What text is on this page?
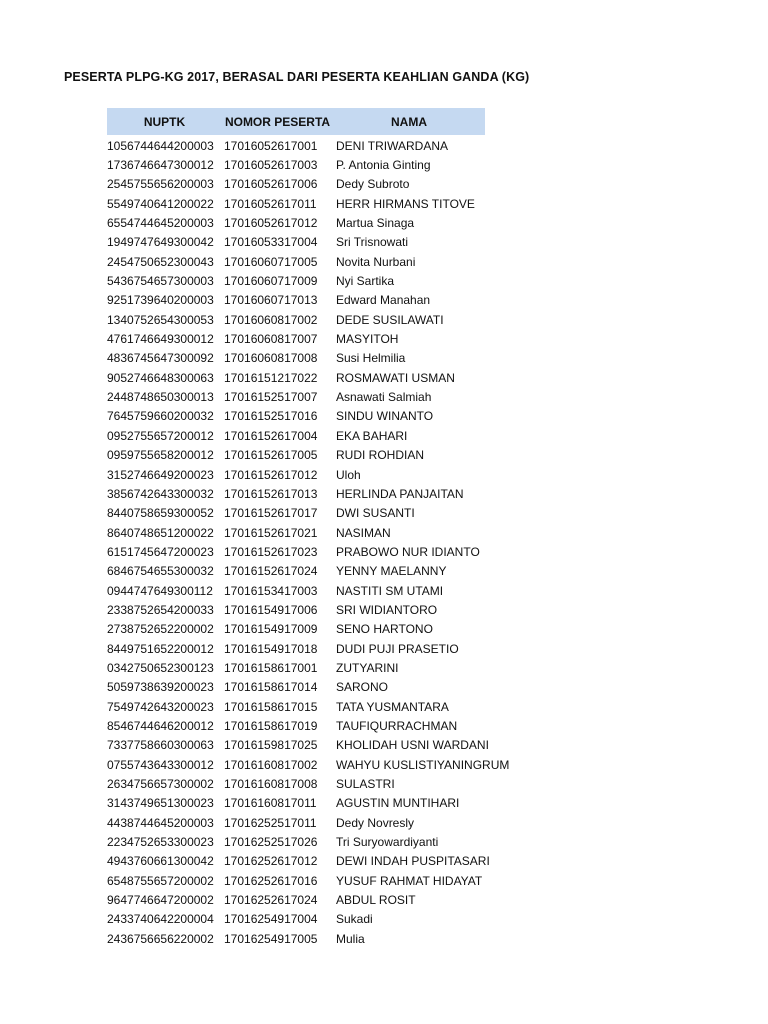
PESERTA PLPG-KG 2017, BERASAL DARI PESERTA KEAHLIAN GANDA (KG)
NUPTK	NOMOR PESERTA	NAMA
1056744644200003 17016052617001	DENI TRIWARDANA
1736746647300012 17016052617003	P. Antonia Ginting
2545755656200003 17016052617006	Dedy Subroto
5549740641200022 17016052617011	HERR HIRMANS TITOVE
6554744645200003 17016052617012	Martua Sinaga
1949747649300042 17016053317004	Sri Trisnowati
2454750652300043 17016060717005	Novita Nurbani
5436754657300003 17016060717009	Nyi Sartika
9251739640200003 17016060717013	Edward Manahan
1340752654300053 17016060817002	DEDE SUSILAWATI
4761746649300012 17016060817007	MASYITOH
4836745647300092 17016060817008	Susi Helmilia
9052746648300063 17016151217022	ROSMAWATI USMAN
2448748650300013 17016152517007	Asnawati Salmiah
7645759660200032 17016152517016	SINDU WINANTO
0952755657200012 17016152617004	EKA BAHARI
0959755658200012 17016152617005	RUDI ROHDIAN
3152746649200023 17016152617012	Uloh
3856742643300032 17016152617013	HERLINDA PANJAITAN
8440758659300052 17016152617017	DWI SUSANTI
8640748651200022 17016152617021	NASIMAN
6151745647200023 17016152617023	PRABOWO NUR IDIANTO
6846754655300032 17016152617024	YENNY MAELANNY
0944747649300112 17016153417003	NASTITI SM UTAMI
2338752654200033 17016154917006	SRI WIDIANTORO
2738752652200002 17016154917009	SENO HARTONO
8449751652200012 17016154917018	DUDI PUJI PRASETIO
0342750652300123 17016158617001	ZUTYARINI
5059738639200023 17016158617014	SARONO
7549742643200023 17016158617015	TATA YUSMANTARA
8546744646200012 17016158617019	TAUFIQURRACHMAN
7337758660300063 17016159817025	KHOLIDAH USNI WARDANI
0755743643300012 17016160817002	WAHYU KUSLISTIYANINGRUM
2634756657300002 17016160817008	SULASTRI
3143749651300023 17016160817011	AGUSTIN MUNTIHARI
4438744645200003 17016252517011	Dedy Novresly
2234752653300023 17016252517026	Tri Suryowardiyanti
4943760661300042 17016252617012	DEWI INDAH PUSPITASARI
6548755657200002 17016252617016	YUSUF RAHMAT HIDAYAT
9647746647200002 17016252617024	ABDUL ROSIT
2433740642200004 17016254917004	Sukadi
2436756656220002 17016254917005	Mulia
